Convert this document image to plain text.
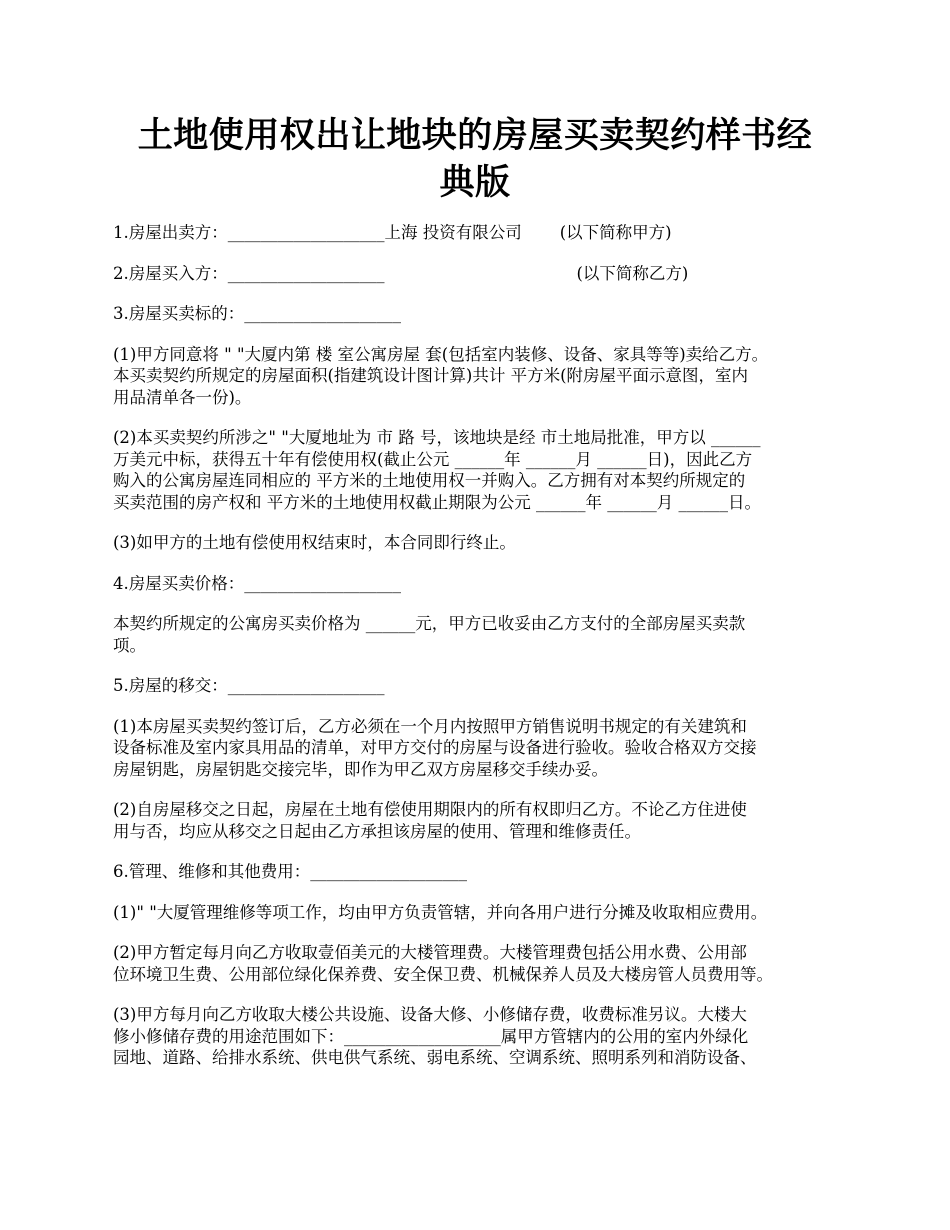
土地使用权出让地块的房屋买卖契约样书经
典版
1.房屋出卖方：___________________上海 投资有限公司 (以下简称甲方)
2.房屋买入方：___________________	(以下简称乙方)
3.房屋买卖标的：___________________
(1)甲方同意将 " "大厦内第 楼 室公寓房屋 套(包括室内装修、设备、家具等等)卖给乙方。
本买卖契约所规定的房屋面积(指建筑设计图计算)共计 平方米(附房屋平面示意图，室内
用品清单各一份)。
(2)本买卖契约所涉之" "大厦地址为 市 路 号，该地块是经 市土地局批准，甲方以 ______
万美元中标，获得五十年有偿使用权(截止公元 ______年 ______月 ______日)，因此乙方
购入的公寓房屋连同相应的 平方米的土地使用权一并购入。乙方拥有对本契约所规定的
买卖范围的房产权和 平方米的土地使用权截止期限为公元 ______年 ______月 ______日。
(3)如甲方的土地有偿使用权结束时，本合同即行终止。
4.房屋买卖价格：___________________
本契约所规定的公寓房买卖价格为 ______元，甲方已收妥由乙方支付的全部房屋买卖款
项。
5.房屋的移交：___________________
(1)本房屋买卖契约签订后，乙方必须在一个月内按照甲方销售说明书规定的有关建筑和
设备标准及室内家具用品的清单，对甲方交付的房屋与设备进行验收。验收合格双方交接
房屋钥匙，房屋钥匙交接完毕，即作为甲乙双方房屋移交手续办妥。
(2)自房屋移交之日起，房屋在土地有偿使用期限内的所有权即归乙方。不论乙方住进使
用与否，均应从移交之日起由乙方承担该房屋的使用、管理和维修责任。
6.管理、维修和其他费用：___________________
(1)" "大厦管理维修等项工作，均由甲方负责管辖，并向各用户进行分摊及收取相应费用。
(2)甲方暂定每月向乙方收取壹佰美元的大楼管理费。大楼管理费包括公用水费、公用部
位环境卫生费、公用部位绿化保养费、安全保卫费、机械保养人员及大楼房管人员费用等。
(3)甲方每月向乙方收取大楼公共设施、设备大修、小修储存费，收费标准另议。大楼大
修小修储存费的用途范围如下：___________________属甲方管辖内的公用的室内外绿化
园地、道路、给排水系统、供电供气系统、弱电系统、空调系统、照明系列和消防设备、
